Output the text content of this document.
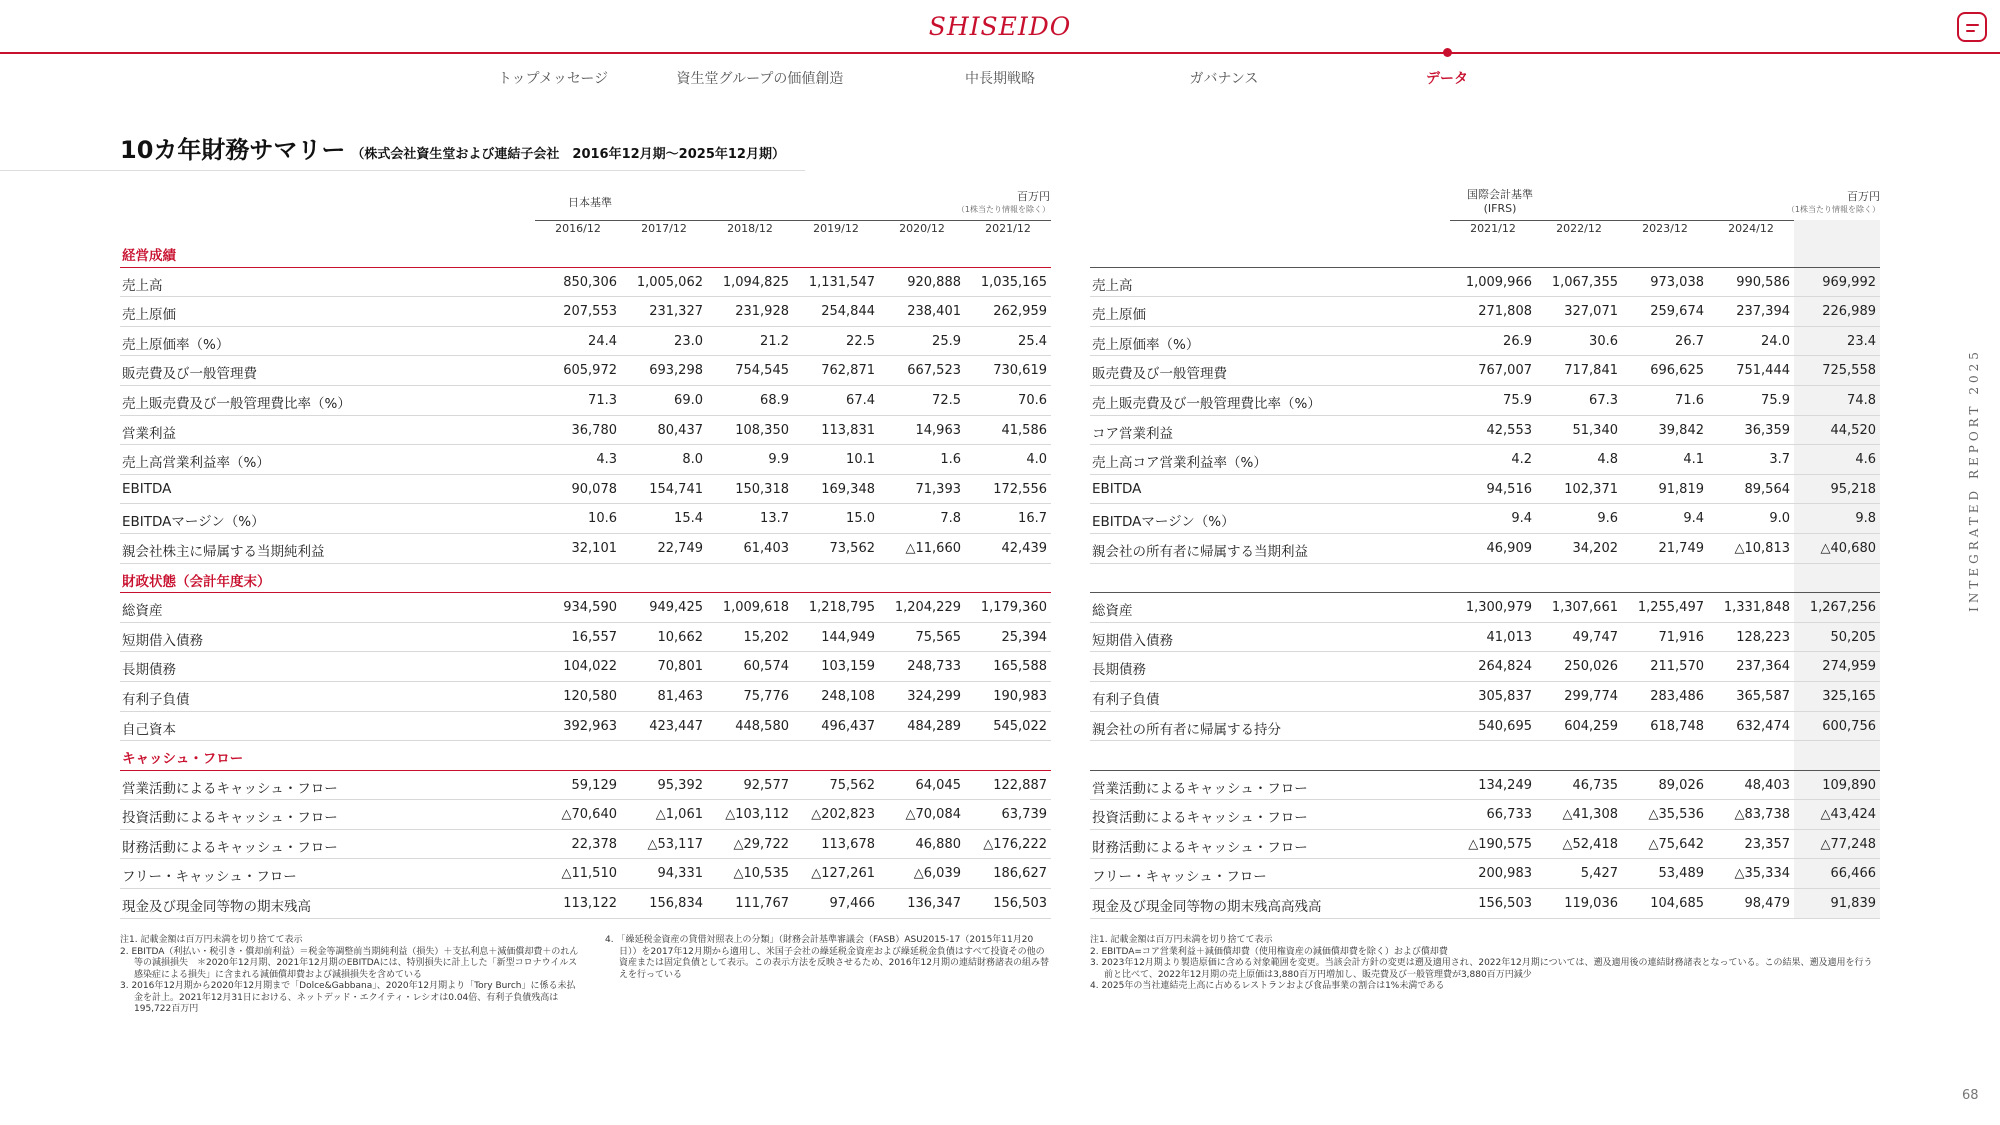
SHISEIDO
トップメッセージ	資生堂グループの価値創造	中長期戦略	ガバナンス	データ
10カ年財務サマリー （株式会社資生堂および連結子会社　2016年12月期～2025年12月期）
日本基準	百万円
（1株当たり情報を除く）
2016/12	2017/12	2018/12	2019/12	2020/12	2021/12
経営成績
売上高	850,306	1,005,062	1,094,825	1,131,547	920,888	1,035,165
売上原価	207,553	231,327	231,928	254,844	238,401	262,959
売上原価率（%）	24.4	23.0	21.2	22.5	25.9	25.4
販売費及び一般管理費	605,972	693,298	754,545	762,871	667,523	730,619
売上販売費及び一般管理費比率（%）	71.3	69.0	68.9	67.4	72.5	70.6
営業利益	36,780	80,437	108,350	113,831	14,963	41,586
売上高営業利益率（%）	4.3	8.0	9.9	10.1	1.6	4.0
EBITDA	90,078	154,741	150,318	169,348	71,393	172,556
EBITDAマージン（%）	10.6	15.4	13.7	15.0	7.8	16.7
親会社株主に帰属する当期純利益	32,101	22,749	61,403	73,562	△11,660	42,439
財政状態（会計年度末）
総資産	934,590	949,425	1,009,618	1,218,795	1,204,229	1,179,360
短期借入債務	16,557	10,662	15,202	144,949	75,565	25,394
長期債務	104,022	70,801	60,574	103,159	248,733	165,588
有利子負債	120,580	81,463	75,776	248,108	324,299	190,983
自己資本	392,963	423,447	448,580	496,437	484,289	545,022
キャッシュ・フロー
営業活動によるキャッシュ・フロー	59,129	95,392	92,577	75,562	64,045	122,887
投資活動によるキャッシュ・フロー	△70,640	△1,061	△103,112	△202,823	△70,084	63,739
財務活動によるキャッシュ・フロー	22,378	△53,117	△29,722	113,678	46,880	△176,222
フリー・キャッシュ・フロー	△11,510	94,331	△10,535	△127,261	△6,039	186,627
現金及び現金同等物の期末残高	113,122	156,834	111,767	97,466	136,347	156,503
国際会計基準
(IFRS)
百万円
（1株当たり情報を除く）
2021/12	2022/12	2023/12	2024/12
売上高	1,009,966	1,067,355	973,038	990,586	969,992
売上原価	271,808	327,071	259,674	237,394	226,989
売上原価率（%）	26.9	30.6	26.7	24.0	23.4
販売費及び一般管理費	767,007	717,841	696,625	751,444	725,558
売上販売費及び一般管理費比率（%）	75.9	67.3	71.6	75.9	74.8
コア営業利益	42,553	51,340	39,842	36,359	44,520
売上高コア営業利益率（%）	4.2	4.8	4.1	3.7	4.6
EBITDA	94,516	102,371	91,819	89,564	95,218
EBITDAマージン（%）	9.4	9.6	9.4	9.0	9.8
親会社の所有者に帰属する当期利益	46,909	34,202	21,749	△10,813	△40,680
総資産	1,300,979	1,307,661	1,255,497	1,331,848	1,267,256
短期借入債務	41,013	49,747	71,916	128,223	50,205
長期債務	264,824	250,026	211,570	237,364	274,959
有利子負債	305,837	299,774	283,486	365,587	325,165
親会社の所有者に帰属する持分	540,695	604,259	618,748	632,474	600,756
営業活動によるキャッシュ・フロー	134,249	46,735	89,026	48,403	109,890
投資活動によるキャッシュ・フロー	66,733	△41,308	△35,536	△83,738	△43,424
財務活動によるキャッシュ・フロー	△190,575	△52,418	△75,642	23,357	△77,248
フリー・キャッシュ・フロー	200,983	5,427	53,489	△35,334	66,466
現金及び現金同等物の期末残高高残高	156,503	119,036	104,685	98,479	91,839

注1. 記載金額は百万円未満を切り捨てて表示

2. EBITDA（利払い・税引き・償却前利益）＝税金等調整前当期純利益（損失）＋支払利息＋減価償却費＋のれん等の減損損失　＊2020年12月期、2021年12月期のEBITDAには、特別損失に計上した「新型コロナウイルス感染症による損失」に含まれる減価償却費および減損損失を含めている

3. 2016年12月期から2020年12月期まで「Dolce&Gabbana」、2020年12月期より「Tory Burch」に係る未払金を計上。2021年12月31日における、ネットデッド・エクイティ・レシオは0.04倍、有利子負債残高は195,722百万円

4. 「繰延税金資産の貸借対照表上の分類」（財務会計基準審議会（FASB）ASU2015-17（2015年11月20日））を2017年12月期から適用し、米国子会社の繰延税金資産および繰延税金負債はすべて投資その他の資産または固定負債として表示。この表示方法を反映させるため、2016年12月期の連結財務諸表の組み替えを行っている

注1. 記載金額は百万円未満を切り捨てて表示

2. EBITDA=コア営業利益＋減価償却費（使用権資産の減価償却費を除く）および償却費

3. 2023年12月期より製造原価に含める対象範囲を変更。当該会計方針の変更は遡及適用され、2022年12月期については、遡及適用後の連結財務諸表となっている。この結果、遡及適用を行う前と比べて、2022年12月期の売上原価は3,880百万円増加し、販売費及び一般管理費が3,880百万円減少

4. 2025年の当社連結売上高に占めるレストランおよび食品事業の割合は1%未満である

INTEGRATED REPORT 2025
68
